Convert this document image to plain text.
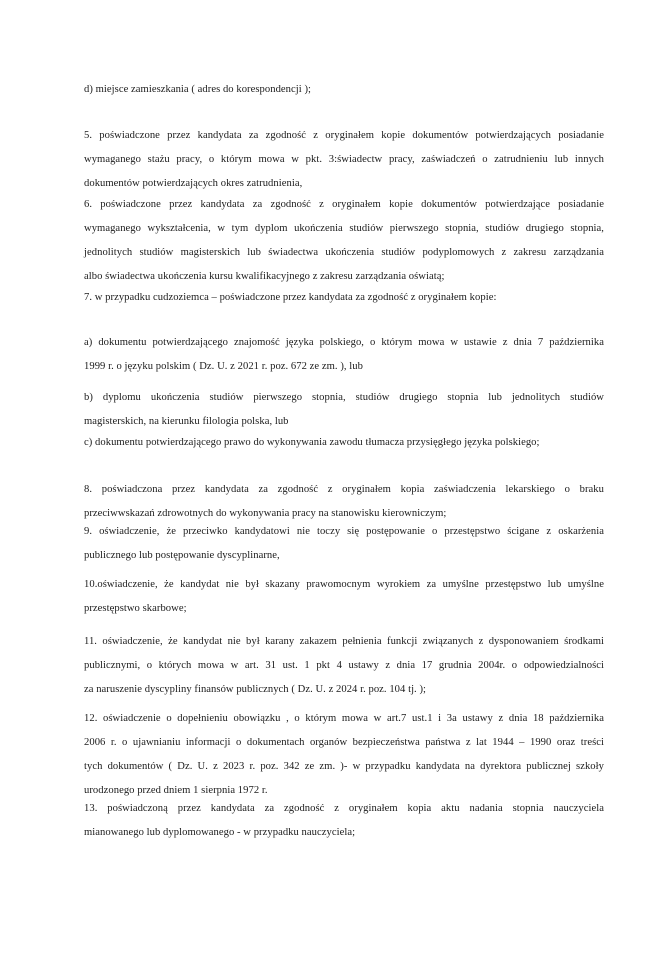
d) miejsce zamieszkania ( adres do korespondencji );
5. poświadczone przez kandydata za zgodność z oryginałem kopie dokumentów potwierdzających posiadanie
wymaganego stażu pracy, o którym mowa w pkt. 3:świadectw pracy, zaświadczeń o zatrudnieniu lub innych
dokumentów potwierdzających okres zatrudnienia,
6. poświadczone przez kandydata za zgodność z oryginałem kopie dokumentów potwierdzające posiadanie
wymaganego wykształcenia, w tym dyplom ukończenia studiów pierwszego stopnia, studiów drugiego stopnia,
jednolitych studiów magisterskich lub świadectwa ukończenia studiów podyplomowych z zakresu zarządzania
albo świadectwa ukończenia kursu kwalifikacyjnego z zakresu zarządzania oświatą;
7. w przypadku cudzoziemca – poświadczone przez kandydata za zgodność z oryginałem kopie:
a) dokumentu potwierdzającego znajomość języka polskiego, o którym mowa w ustawie z dnia 7 października
1999 r. o języku polskim ( Dz. U. z 2021 r. poz. 672 ze zm. ), lub
b) dyplomu ukończenia studiów pierwszego stopnia, studiów drugiego stopnia lub jednolitych studiów
magisterskich, na kierunku filologia polska, lub
c) dokumentu potwierdzającego prawo do wykonywania zawodu tłumacza przysięgłego języka polskiego;
8. poświadczona przez kandydata za zgodność z oryginałem kopia zaświadczenia lekarskiego o braku
przeciwwskazań zdrowotnych do wykonywania pracy na stanowisku kierowniczym;
9. oświadczenie, że przeciwko kandydatowi nie toczy się postępowanie o przestępstwo ścigane z oskarżenia
publicznego lub postępowanie dyscyplinarne,
10.oświadczenie, że kandydat nie był skazany prawomocnym wyrokiem za umyślne przestępstwo lub umyślne
przestępstwo skarbowe;
11. oświadczenie, że kandydat nie był karany zakazem pełnienia funkcji związanych z dysponowaniem środkami
publicznymi, o których mowa w art. 31 ust. 1 pkt 4 ustawy z dnia 17 grudnia 2004r. o odpowiedzialności
za naruszenie dyscypliny finansów publicznych ( Dz. U. z 2024 r. poz. 104 tj. );
12. oświadczenie o dopełnieniu obowiązku , o którym mowa w art.7 ust.1 i 3a ustawy z dnia 18 października
2006 r. o ujawnianiu informacji o dokumentach organów bezpieczeństwa państwa z lat 1944 – 1990 oraz treści
tych dokumentów ( Dz. U. z 2023 r. poz. 342 ze zm. )- w przypadku kandydata na dyrektora publicznej szkoły
urodzonego przed dniem 1 sierpnia 1972 r.
13. poświadczoną przez kandydata za zgodność z oryginałem kopia aktu nadania stopnia nauczyciela
mianowanego lub dyplomowanego - w przypadku nauczyciela;
